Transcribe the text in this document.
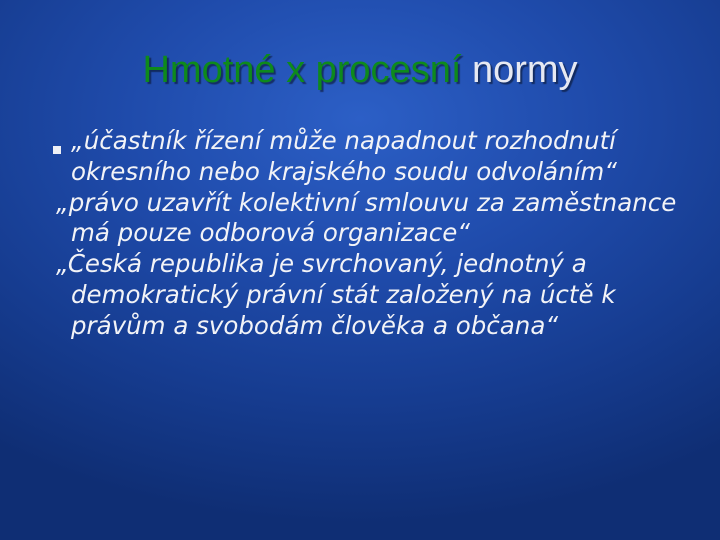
Hmotné x procesní normy

„účastník řízení může napadnout rozhodnutí okresního nebo krajského soudu odvoláním“

„právo uzavřít kolektivní smlouvu za zaměstnance má pouze odborová organizace“

„Česká republika je svrchovaný, jednotný a demokratický právní stát založený na úctě k právům a svobodám člověka a občana“
